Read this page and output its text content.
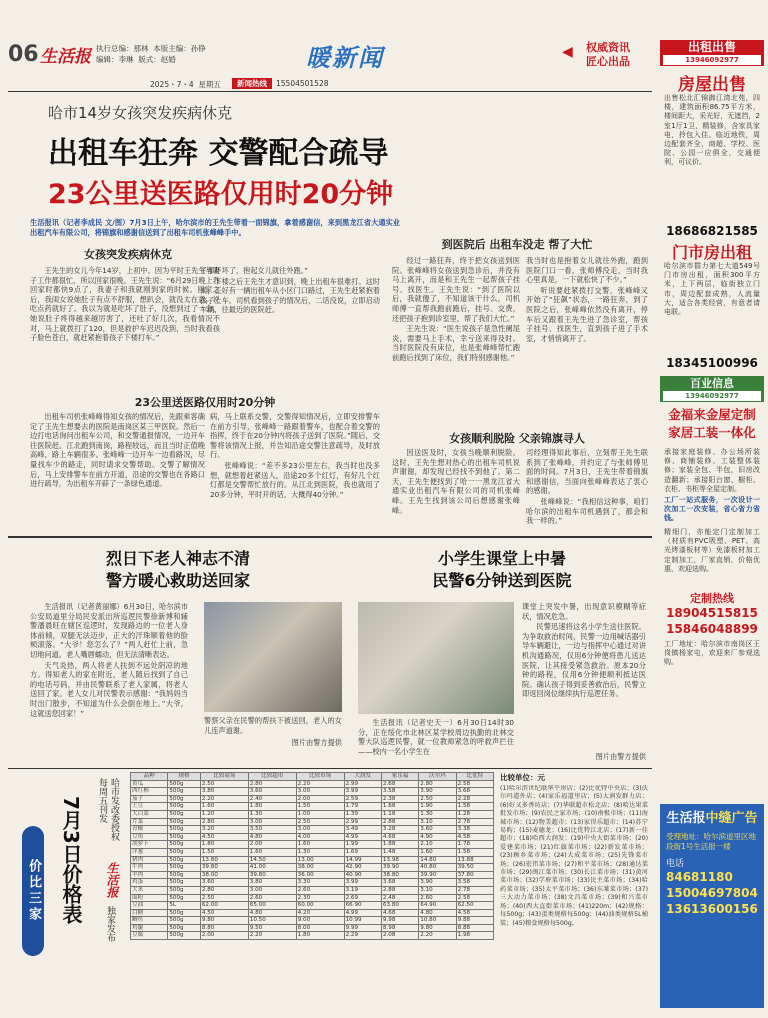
06 生活报 执行总编：那林 本版主编：孙铮
编辑：李琳 版式：赵婚	暖新闻	◀ 权威资讯
匠心出品
2025・7・4 星期五	新闻热线	15504501528
哈市14岁女孩突发疾病休克
出租车狂奔 交警配合疏导
23公里送医路仅用时20分钟
生活报讯（记者李成民 文/图）7月3日上午，哈尔滨市的王先生带着一面锦旗，拿着感谢信，来到黑龙江省大通实业出租汽车有限公司，将锦旗和感谢信送到了出租车司机张峰峰手中。
女孩突发疾病休克

王先生的女儿今年14岁，上初中。因为平时王先生与妻子工作都很忙，所以回家很晚。王先生说：“6月29日晚上我回家时都快9点了，我妻子和我就刚到家的时候。回家之后，我闺女说她肚子有点不舒服，想趴会，就没太在意。说吃点药就好了。我以为就是吃坏了肚子，没想到过了一会，她说肚子疼得越来越厉害了，还吐了好几次，我看情况不对，马上就拨打了120，但是救护车迟迟没到，当时我看孩子脸色苍白，就赶紧抱着孩子下楼打车。”

子都吓坏了，抱起女儿就往外跑。”

下楼之后王先生才意识到，晚上出租车很难打。这时候，正好有一辆出租车从小区门口路过，王先生赶紧抱着孩子上车。司机看到孩子的情况后，二话没说，立即启动车辆，往最近的医院赶。

23公里送医路仅用时20分钟

出租车司机张峰峰得知女孩的情况后，先跟乘客确定了王先生想要去的医院是南岗区某三甲医院。然后一边打电话询问出租车公司，和交警通报情况，一边开车往医院赶。江北跑到南岗，路程较远，而且当时正值晚高峰，路上车辆很多。张峰峰一边开车一边看路况，尽量找车少的路走，同时请求交警帮助。交警了解情况后，马上安排警车在前方开道，沿途的交警也在各路口进行疏导，为出租车开辟了一条绿色通道。

病，马上联系交警，交警得知情况后，立即安排警车在前方引导，张峰峰一路跟着警车，也配合着交警的指挥，终于在20分钟内将孩子送到了医院。”随后，交警将该情况上报，并告知沿途交警注意疏导，及时放行。

张峰峰说：“差不多23公里左右，我当时也没多想，就想着赶紧送人，沿途20多个红灯，有好几个红灯都是交警帮忙放行的。从江北到医院，我也就用了20多分钟，平时开的话，大概得40分钟。”

到医院后 出租车没走 帮了大忙

经过一路狂奔，终于把女孩送到医院。张峰峰将女孩送到急诊后，并没有马上离开，而是和王先生一起帮孩子挂号、找医生。王先生说：“到了医院以后，我就傻了，不知道该干什么，司机师傅一直帮我跑前跑后，挂号、交费，还把孩子抱到诊室里，帮了我们大忙。”

王先生说：“医生说孩子是急性阑尾炎，需要马上手术，幸亏送来得及时。当时医院没有床位，也是张峰峰帮忙跑前跑后找到了床位，我们特别感谢他。”

我当时也是抱着女儿就往外跑，跑到医院门口一看，张师傅没走，当时我心里真是，一下就松快了不少。”

听说要赶紧拨打交警，张峰峰又开始了“狂飙”状态，一路狂奔，到了医院之后，张峰峰依然没有离开，停车后又跟着王先生进了急诊室，帮孩子挂号、找医生，直到孩子进了手术室，才悄悄离开了。

女孩顺利脱险 父亲锦旗寻人

因送医及时，女孩当晚顺利脱险。这时，王先生想对热心的出租车司机说声谢谢，却发现已经找不到他了。第二天，王先生便找到了哈一一黑龙江省大通实业出租汽车有限公司的司机张峰峰。王先生找到该公司后想感谢张峰峰。

司经理得知此事后，立刻帮王先生联系到了张峰峰，并约定了与张师傅见面的时间。7月3日，王先生带着锦旗和感谢信，当面向张峰峰表达了衷心的感谢。

张峰峰说：“我相信这种事，咱们哈尔滨的出租车司机遇到了，都会和我一样的。”

烈日下老人神志不清
警方暖心救助送回家

生活报讯（记者黄丽娜）6月30日，哈尔滨市公安局道里分局民安派出所巡逻民警徐新博和辅警潘晨旺在辖区巡逻时，发现路边的一位老人身体前倾，双腿无法迈步，正大的汗珠顺着他的脸颊滚落。“大爷！您怎么了？”两人赶忙上前，急切地问道。老人嘴唇蠕动，但无法清晰表达。

天气炎热，两人将老人扶到不远处阴凉的地方。得知老人的家在附近，老人随后找到了自己的电话号码，并由民警联系了老人家属，将老人送回了家。老人女儿对民警表示感谢：“我妈妈当时出门散步，不知道为什么会倒在地上。”大爷，这就送您回家！”

警察父亲在民警的帮扶下被送回，老人的女儿连声道谢。
图片由警方提供
小学生课堂上中暑
民警6分钟送到医院

生活报讯（记者史天一）6月30日14时30分，正在绥化市北林区某学校周边执勤的北林交警大队巡逻民警，就一位教师紧急的呼救声拦住——校内一名小学生在

课堂上突发中暑，出现意识模糊等症状，情况危急。

民警迅速将这名小学生送往医院。为争取救治时间，民警一边用喊话器引导车辆避让，一边与指挥中心通过对讲机沟通路况，仅用6分钟便将患儿送达医院，让其接受紧急救治。原本20分钟的路程，仅用6分钟便顺利抵达医院。确认孩子得到妥善救治后，民警立即返回岗位继续执行巡逻任务。

图片由警方提供
价比三家
哈市发改委授权
每周五刊发
生活报
独家发布
7月3日价格表
品种	规格	比较商场	比较超市	比较市场	大润发	家乐福	沃尔玛	比优特
黄瓜	500g	2.50	2.80	2.20	2.99	2.68	2.80	2.58
西红柿	500g	3.80	3.60	3.00	3.99	3.58	3.90	3.68
茄子	500g	2.20	2.40	2.00	2.59	2.38	2.50	2.28
土豆	500g	1.60	1.80	1.50	1.79	1.68	1.90	1.58
大白菜	500g	1.20	1.30	1.00	1.39	1.18	1.30	1.28
芹菜	500g	2.80	3.00	2.50	2.99	2.88	3.10	2.78
青椒	500g	3.20	3.50	3.00	3.49	3.28	3.60	3.38
豆角	500g	4.50	4.80	4.00	4.99	4.68	4.90	4.58
胡萝卜	500g	1.80	2.00	1.60	1.99	1.88	2.10	1.78
洋葱	500g	1.50	1.60	1.30	1.69	1.48	1.60	1.58
猪肉	500g	13.80	14.50	13.00	14.99	13.98	14.80	13.88
牛肉	500g	39.80	41.00	38.00	42.90	39.90	40.80	39.50
羊肉	500g	38.00	39.80	36.00	40.90	38.80	39.90	37.80
鸡蛋	500g	3.60	3.80	3.30	3.99	3.68	3.90	3.58
大米	500g	2.80	3.00	2.60	3.19	2.88	3.10	2.78
面粉	500g	2.50	2.60	2.30	2.69	2.48	2.60	2.58
豆油	5L	62.00	65.00	60.00	66.90	63.80	64.90	62.50
白糖	500g	4.50	4.80	4.20	4.99	4.68	4.80	4.58
鲫鱼	500g	9.80	10.50	9.00	10.99	9.98	10.80	9.88
鸡腿	500g	8.80	9.50	8.00	9.99	8.98	9.80	8.88
豆腐	500g	2.00	2.20	1.80	2.29	2.08	2.20	1.98
比较单位：元
(1)哈尔滨世纪联华平房店；(2)比优特中央店；(3)沃尔玛道外店；(4)家乐福道里店；(5)大润发群力店；(6)好又多香坊店；(7)华联超市松北店；(8)哈达果菜批发市场；(9)农民之家市场；(10)南极市场；(11)海城市场；(12)物美超市；(13)家得乐超市；(14)苏宁易购；(15)麦德龙；(16)比优特江北店；(17)新一佳超市；(18)哈西大润发；(19)中央大街菜市场；(20)爱建菜市场；(21)红旗菜市场；(22)新发菜市场；(23)顾乡菜市场；(24)大成菜市场；(25)先锋菜市场；(26)宏伟菜市场；(27)和平菜市场；(28)通达菜市场；(29)闽江菜市场；(30)长江菜市场；(31)黄河菜市场；(32)学府菜市场；(33)民主菜市场；(34)哈药菜市场；(35)太平菜市场；(36)东莱菜市场；(37)三大动力菜市场；(38)文昌菜市场；(39)和兴菜市场；(40)西大直街菜市场；(41)220m；(42)规格：每500g；(43)蛋类规格每500g；(44)油类规格5L桶装；(45)粮食规格每500g。
出租出售
13946092977
房屋出售
出售松北汇锦御江湾北苑，四楼，建筑面积86.75平方米，楼间距大，采光好，无遮挡，2室1厅1卫，精装修，含家具家电，拎包入住。临近地铁，周边配套齐全，商超、学校、医院、公园一应俱全，交通便利，可议价。
18686821585
门市房出租
哈尔滨市群力第七大道549号门市房出租，面积300平方米，上下两层，临街独立门市，周边配套成熟，人流量大，适合各类经营，有意者请电联。
18345100996
百业信息
13946092977
金福来金屋定制
家居工装一体化
承接家庭装修、办公场所装修、商铺装修、工装整体装修；家装全包、半包，旧房改造翻新；承接阳台窗、橱柜、衣柜、书柜等全屋定制。
工厂一站式服务，一次设计一次加工一次安装，省心省力省钱。
精细门，亦能定门定制加工（材质有PVC吸塑、PET、高光烤漆板材等）免漆板材加工定制加工，厂家直销，价格优惠，欢迎选购。
定制热线
18904515815
15846048899
工厂地址：哈尔滨市南岗区王岗镇杨家屯，欢迎来厂参观选购。
生活报中缝广告
受理地址：哈尔滨道里区地段街1号生活报一楼
电话
84681180
15004697804
13613600156
